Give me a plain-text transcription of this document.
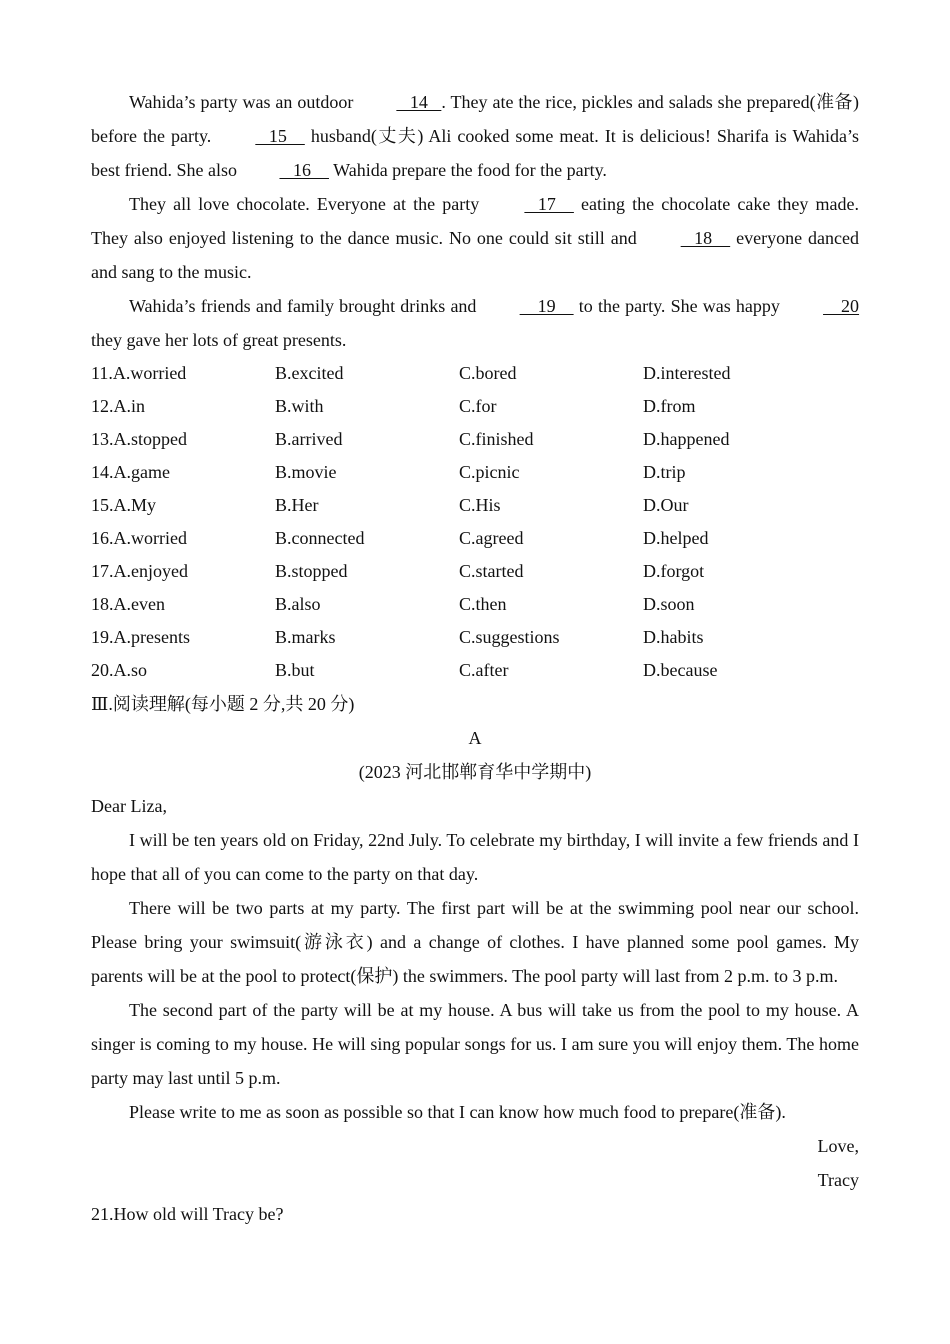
Wahida’s party was an outdoor    14   . They ate the rice, pickles and salads she prepared(准备) before the party.    15     husband(丈夫) Ali cooked some meat. It is delicious! Sharifa is Wahida’s best friend. She also    16     Wahida prepare the food for the party.

They all love chocolate. Everyone at the party	17     eating the chocolate cake they made. They also enjoyed listening to the dance music. No one could sit still and    18     everyone danced and sang to the music.

Wahida’s friends and family brought drinks and     19     to the party. She was happy     20 they gave her lots of great presents.

11.A.worried	B.excited	C.bored	D.interested
12.A.in	B.with	C.for	D.from
13.A.stopped	B.arrived	C.finished	D.happened
14.A.game	B.movie	C.picnic	D.trip
15.A.My	B.Her	C.His	D.Our
16.A.worried	B.connected	C.agreed	D.helped
17.A.enjoyed	B.stopped	C.started	D.forgot
18.A.even	B.also	C.then	D.soon
19.A.presents	B.marks	C.suggestions	D.habits
20.A.so	B.but	C.after	D.because

Ⅲ.阅读理解(每小题 2 分,共 20 分)

A

(2023 河北邯郸育华中学期中)

Dear Liza,

I will be ten years old on Friday, 22nd July. To celebrate my birthday, I will invite a few friends and I hope that all of you can come to the party on that day.

There will be two parts at my party. The first part will be at the swimming pool near our school. Please bring your swimsuit(游泳衣) and a change of clothes. I have planned some pool games. My parents will be at the pool to protect(保护) the swimmers. The pool party will last from 2 p.m. to 3 p.m.

The second part of the party will be at my house. A bus will take us from the pool to my house. A singer is coming to my house. He will sing popular songs for us. I am sure you will enjoy them. The home party may last until 5 p.m.

Please write to me as soon as possible so that I can know how much food to prepare(准备).

Love,

Tracy

21.How old will Tracy be?
